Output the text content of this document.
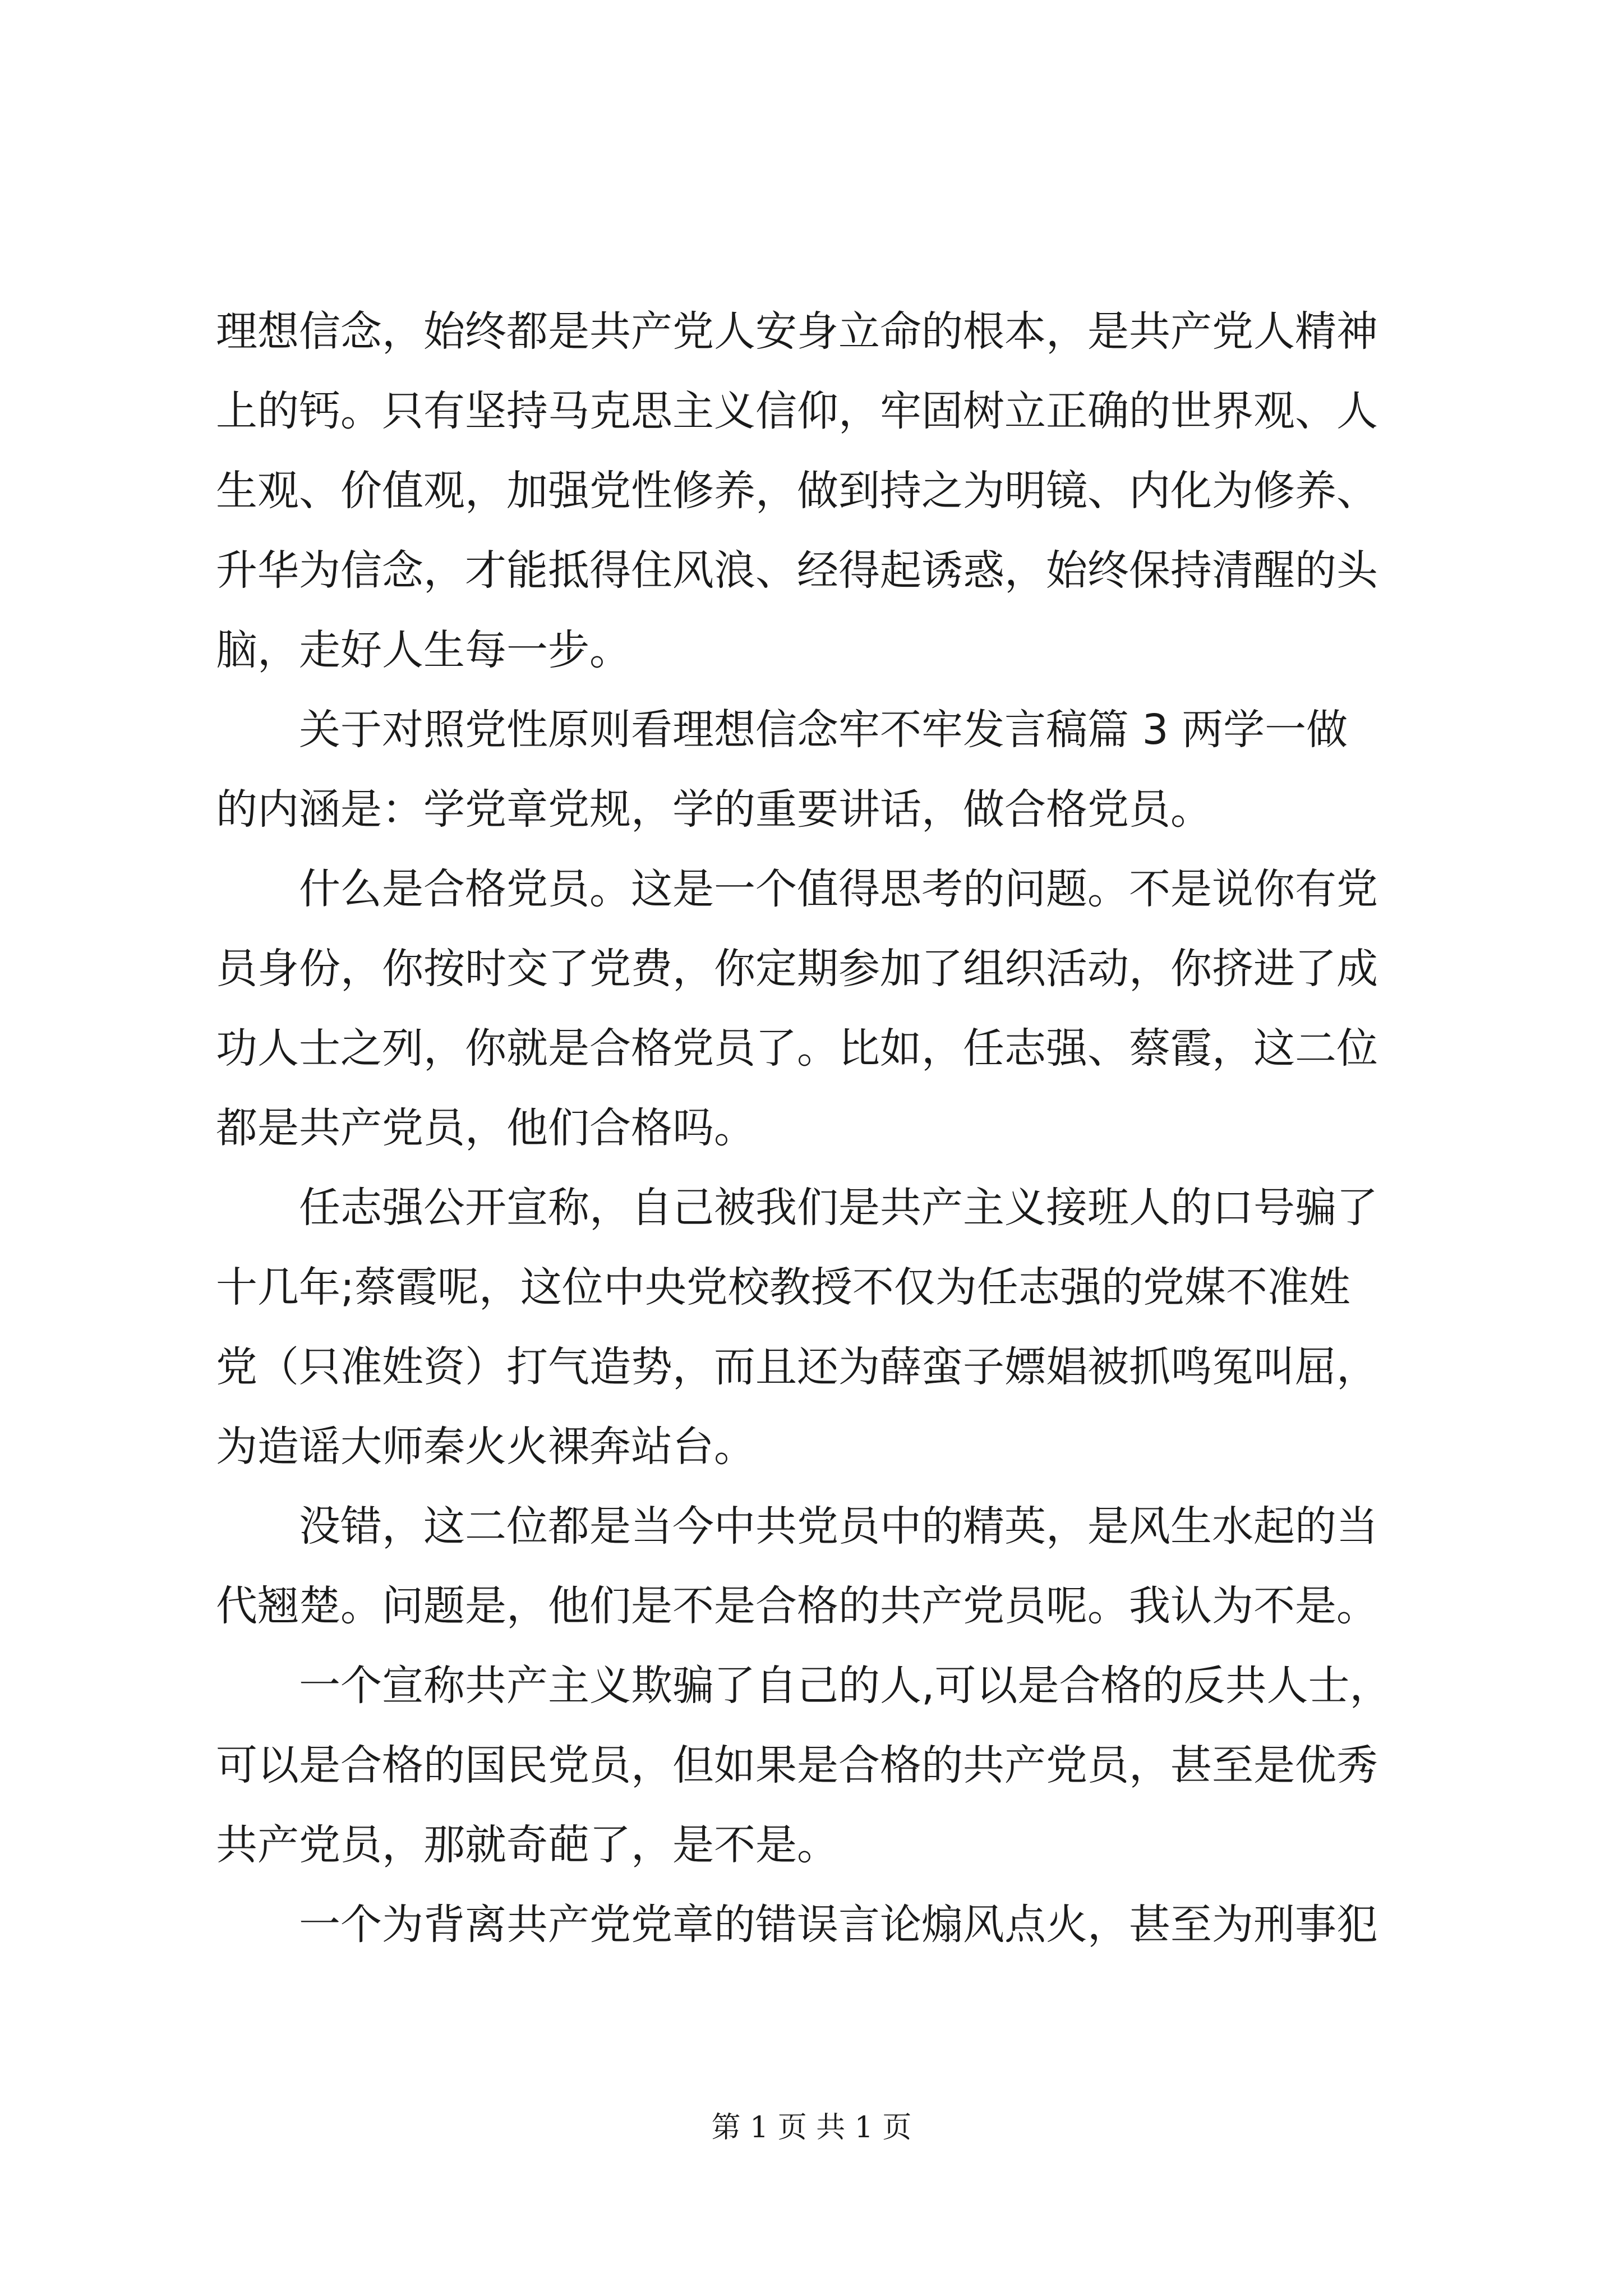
理想信念，始终都是共产党人安身立命的根本，是共产党人精神
上的钙。只有坚持马克思主义信仰，牢固树立正确的世界观、人
生观、价值观，加强党性修养，做到持之为明镜、内化为修养、
升华为信念，才能抵得住风浪、经得起诱惑，始终保持清醒的头
脑，走好人生每一步。

关于对照党性原则看理想信念牢不牢发言稿篇 3 两学一做
的内涵是：学党章党规，学的重要讲话，做合格党员。

什么是合格党员。这是一个值得思考的问题。不是说你有党
员身份，你按时交了党费，你定期参加了组织活动，你挤进了成
功人士之列，你就是合格党员了。比如，任志强、蔡霞，这二位
都是共产党员，他们合格吗。

任志强公开宣称，自己被我们是共产主义接班人的口号骗了
十几年;蔡霞呢，这位中央党校教授不仅为任志强的党媒不准姓
党（只准姓资）打气造势，而且还为薛蛮子嫖娼被抓鸣冤叫屈，
为造谣大师秦火火裸奔站台。

没错，这二位都是当今中共党员中的精英，是风生水起的当
代翘楚。问题是，他们是不是合格的共产党员呢。我认为不是。

一个宣称共产主义欺骗了自己的人,可以是合格的反共人士，
可以是合格的国民党员，但如果是合格的共产党员，甚至是优秀
共产党员，那就奇葩了，是不是。

一个为背离共产党党章的错误言论煽风点火，甚至为刑事犯

第 1 页 共 1 页
